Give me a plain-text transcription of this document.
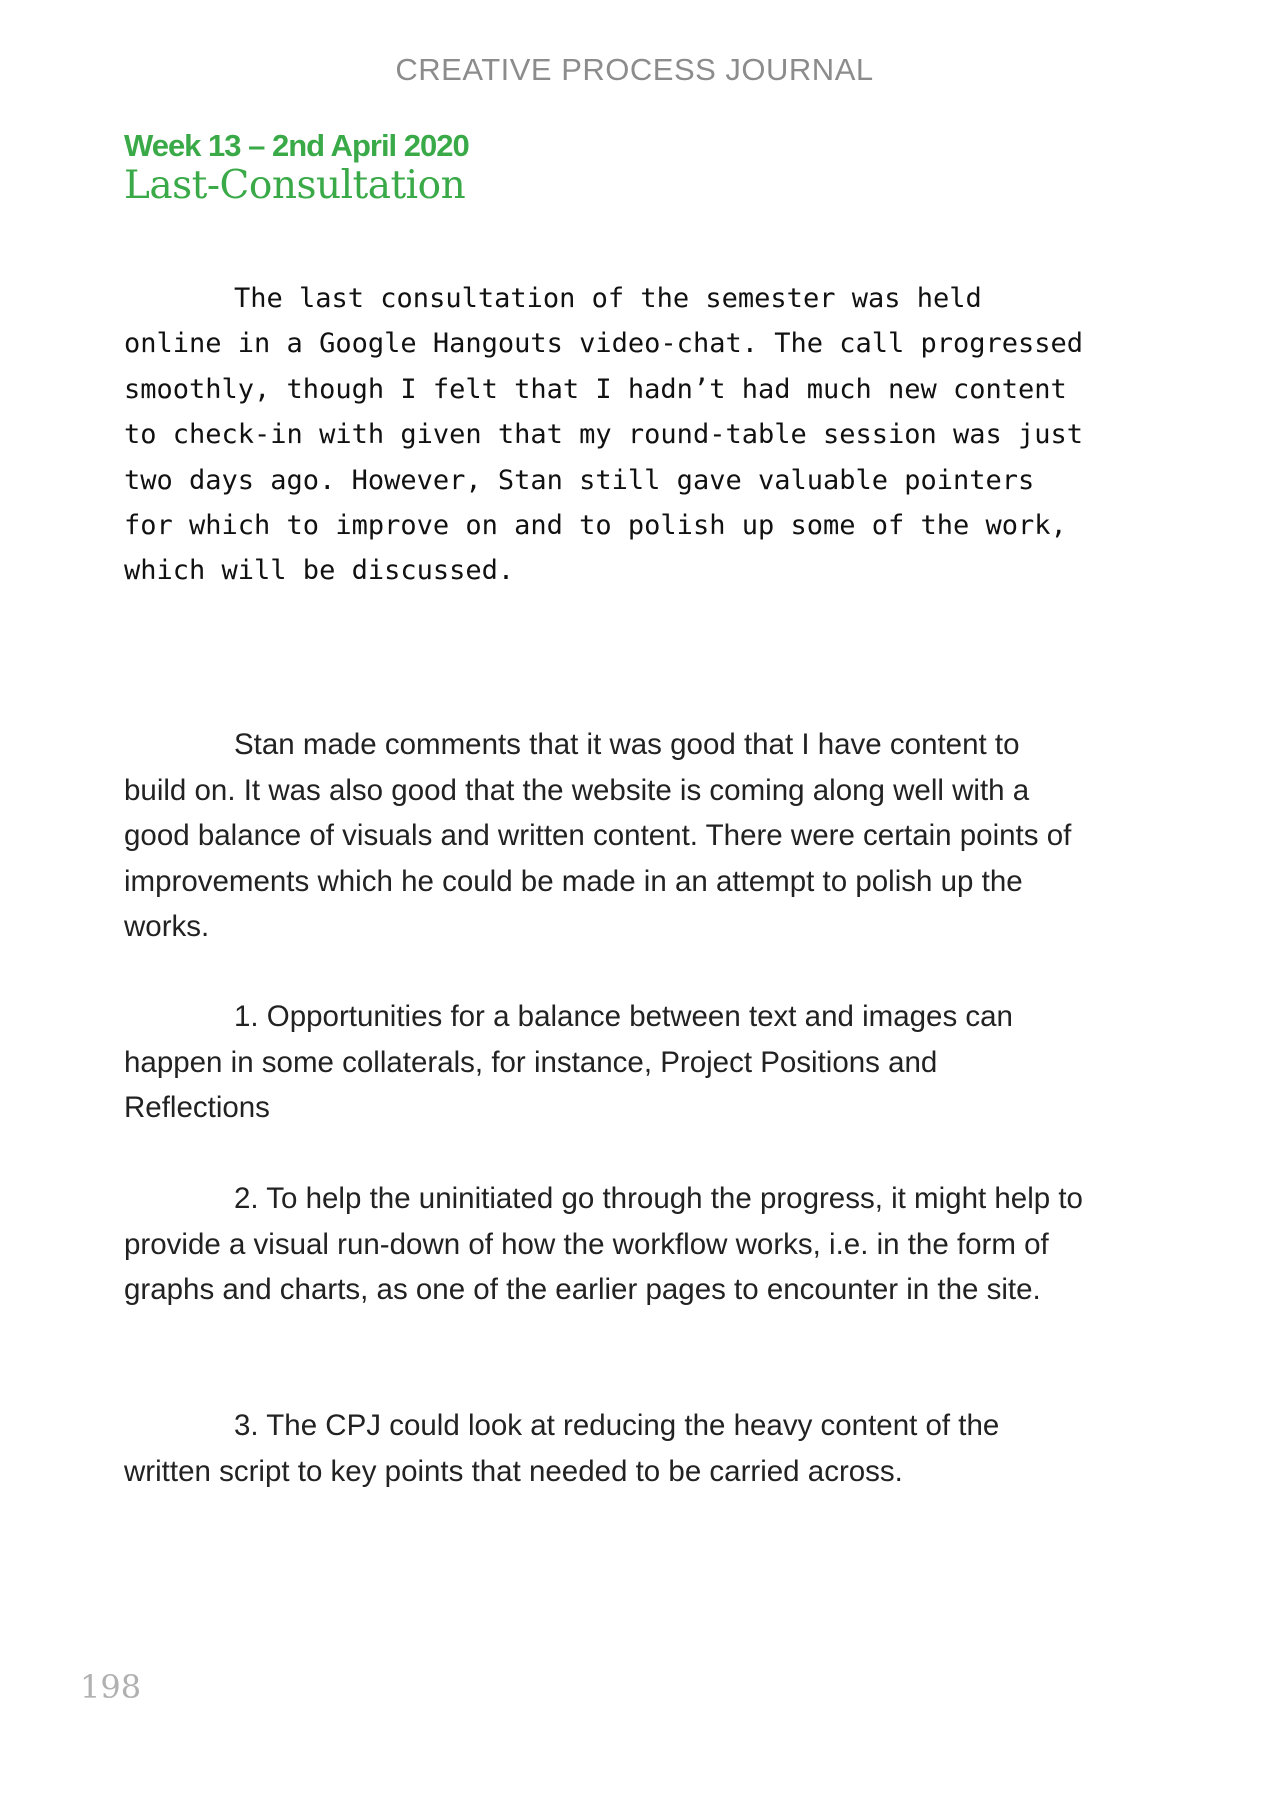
CREATIVE PROCESS JOURNAL
Week 13 – 2nd April 2020
Last-Consultation

The last consultation of the semester was held online in a Google Hangouts video-chat. The call progressed smoothly, though I felt that I hadn’t had much new content to check-in with given that my round-table session was just two days ago. However, Stan still gave valuable pointers for which to improve on and to polish up some of the work, which will be discussed.

Stan made comments that it was good that I have content to build on. It was also good that the website is coming along well with a good balance of visuals and written content. There were certain points of improvements which he could be made in an attempt to polish up the works.

1. Opportunities for a balance between text and images can happen in some collaterals, for instance, Project Positions and Reflections

2. To help the uninitiated go through the progress, it might help to provide a visual run-down of how the workflow works, i.e. in the form of graphs and charts, as one of the earlier pages to encounter in the site.

3. The CPJ could look at reducing the heavy content of the written script to key points that needed to be carried across.

198
